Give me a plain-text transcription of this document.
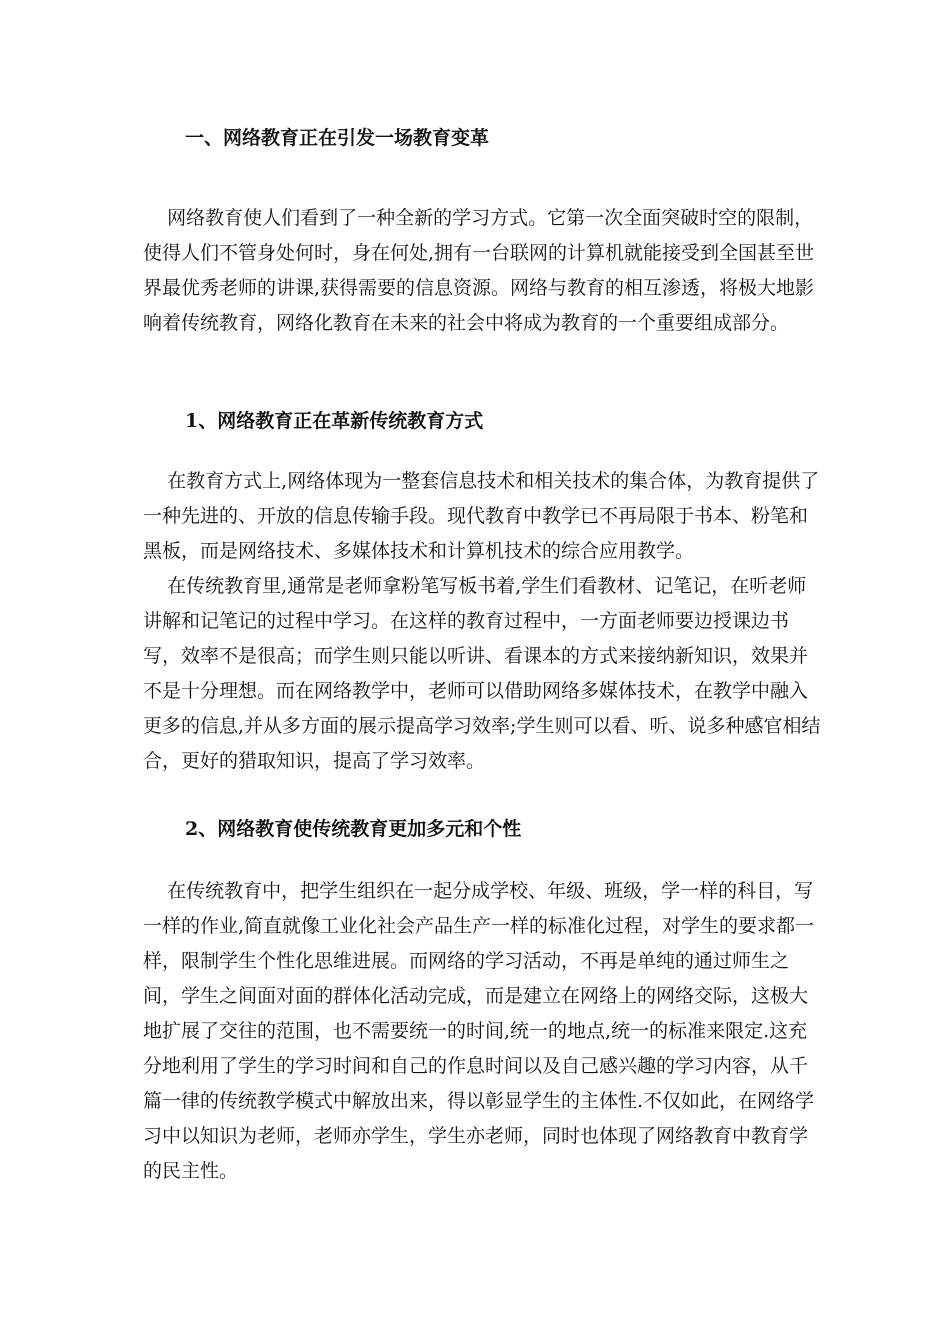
一、网络教育正在引发一场教育变革
网络教育使人们看到了一种全新的学习方式。它第一次全面突破时空的限制，使得人们不管身处何时，身在何处,拥有一台联网的计算机就能接受到全国甚至世界最优秀老师的讲课,获得需要的信息资源。网络与教育的相互渗透，将极大地影响着传统教育，网络化教育在未来的社会中将成为教育的一个重要组成部分。
1、网络教育正在革新传统教育方式
在教育方式上,网络体现为一整套信息技术和相关技术的集合体，为教育提供了一种先进的、开放的信息传输手段。现代教育中教学已不再局限于书本、粉笔和黑板，而是网络技术、多媒体技术和计算机技术的综合应用教学。
在传统教育里,通常是老师拿粉笔写板书着,学生们看教材、记笔记，在听老师讲解和记笔记的过程中学习。在这样的教育过程中，一方面老师要边授课边书写，效率不是很高；而学生则只能以听讲、看课本的方式来接纳新知识，效果并不是十分理想。而在网络教学中，老师可以借助网络多媒体技术，在教学中融入更多的信息,并从多方面的展示提高学习效率;学生则可以看、听、说多种感官相结合，更好的猎取知识，提高了学习效率。
2、网络教育使传统教育更加多元和个性
在传统教育中，把学生组织在一起分成学校、年级、班级，学一样的科目，写一样的作业,简直就像工业化社会产品生产一样的标准化过程，对学生的要求都一样，限制学生个性化思维进展。而网络的学习活动，不再是单纯的通过师生之间，学生之间面对面的群体化活动完成，而是建立在网络上的网络交际，这极大地扩展了交往的范围，也不需要统一的时间,统一的地点,统一的标准来限定.这充分地利用了学生的学习时间和自己的作息时间以及自己感兴趣的学习内容，从千篇一律的传统教学模式中解放出来，得以彰显学生的主体性.不仅如此，在网络学习中以知识为老师，老师亦学生，学生亦老师，同时也体现了网络教育中教育学的民主性。
